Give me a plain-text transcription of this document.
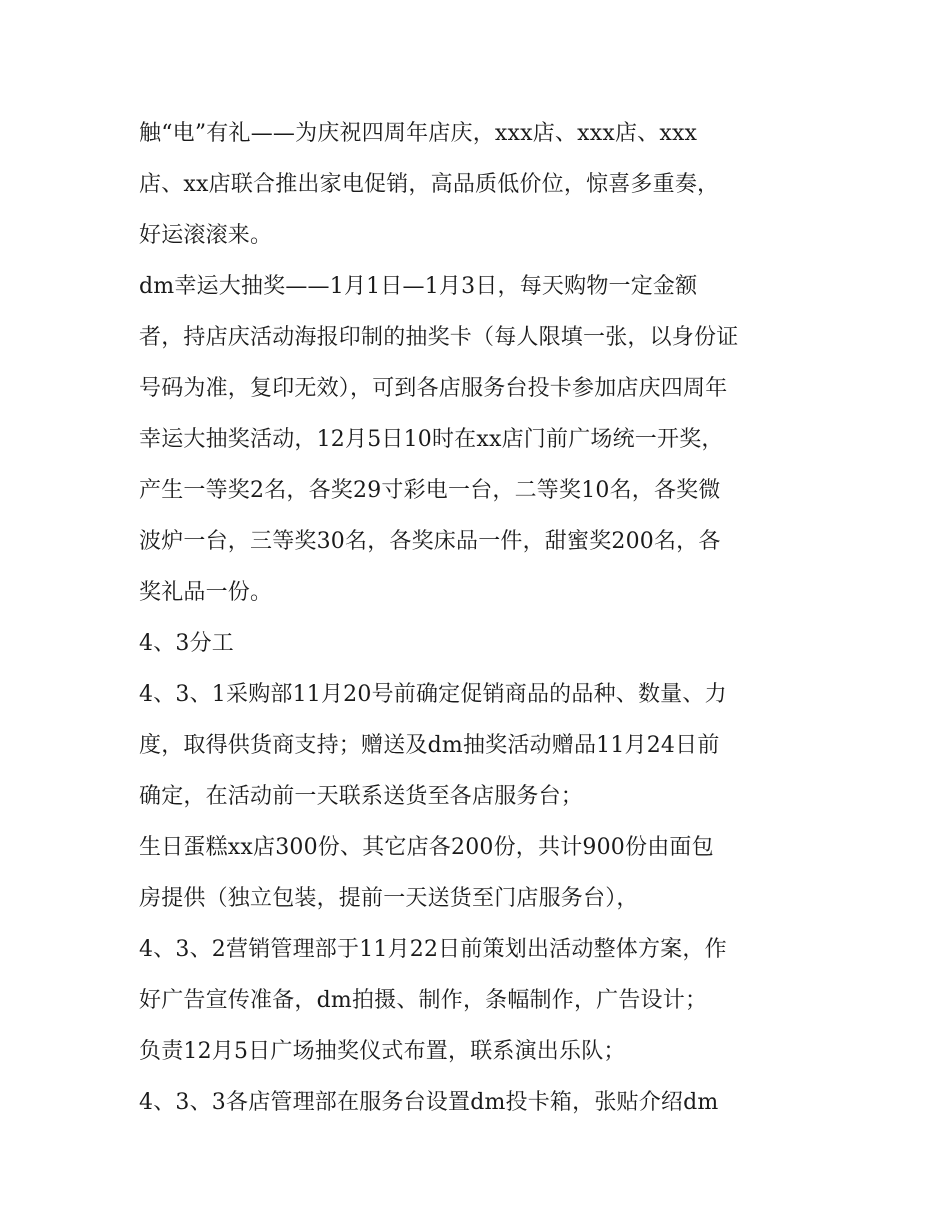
触“电”有礼——为庆祝四周年店庆，xxx店、xxx店、xxx
店、xx店联合推出家电促销，高品质低价位，惊喜多重奏，
好运滚滚来。
dm幸运大抽奖——1月1日—1月3日，每天购物一定金额
者，持店庆活动海报印制的抽奖卡（每人限填一张，以身份证
号码为准，复印无效），可到各店服务台投卡参加店庆四周年
幸运大抽奖活动，12月5日10时在xx店门前广场统一开奖，
产生一等奖2名，各奖29寸彩电一台，二等奖10名，各奖微
波炉一台，三等奖30名，各奖床品一件，甜蜜奖200名，各
奖礼品一份。
4、3分工
4、3、1采购部11月20号前确定促销商品的品种、数量、力
度，取得供货商支持；赠送及dm抽奖活动赠品11月24日前
确定，在活动前一天联系送货至各店服务台；
生日蛋糕xx店300份、其它店各200份，共计900份由面包
房提供（独立包装，提前一天送货至门店服务台），
4、3、2营销管理部于11月22日前策划出活动整体方案，作
好广告宣传准备，dm拍摄、制作，条幅制作，广告设计；
负责12月5日广场抽奖仪式布置，联系演出乐队；
4、3、3各店管理部在服务台设置dm投卡箱，张贴介绍dm
